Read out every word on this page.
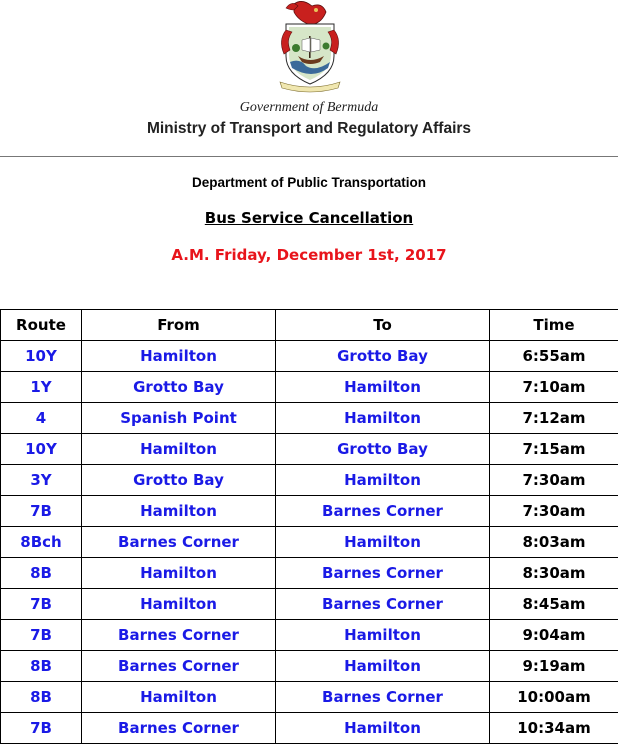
Government of Bermuda
Ministry of Transport and Regulatory Affairs
Department of Public Transportation
Bus Service Cancellation
A.M. Friday, December 1st, 2017
Route	From	To	Time
10Y	Hamilton	Grotto Bay	6:55am
1Y	Grotto Bay	Hamilton	7:10am
4	Spanish Point	Hamilton	7:12am
10Y	Hamilton	Grotto Bay	7:15am
3Y	Grotto Bay	Hamilton	7:30am
7B	Hamilton	Barnes Corner	7:30am
8Bch	Barnes Corner	Hamilton	8:03am
8B	Hamilton	Barnes Corner	8:30am
7B	Hamilton	Barnes Corner	8:45am
7B	Barnes Corner	Hamilton	9:04am
8B	Barnes Corner	Hamilton	9:19am
8B	Hamilton	Barnes Corner	10:00am
7B	Barnes Corner	Hamilton	10:34am
